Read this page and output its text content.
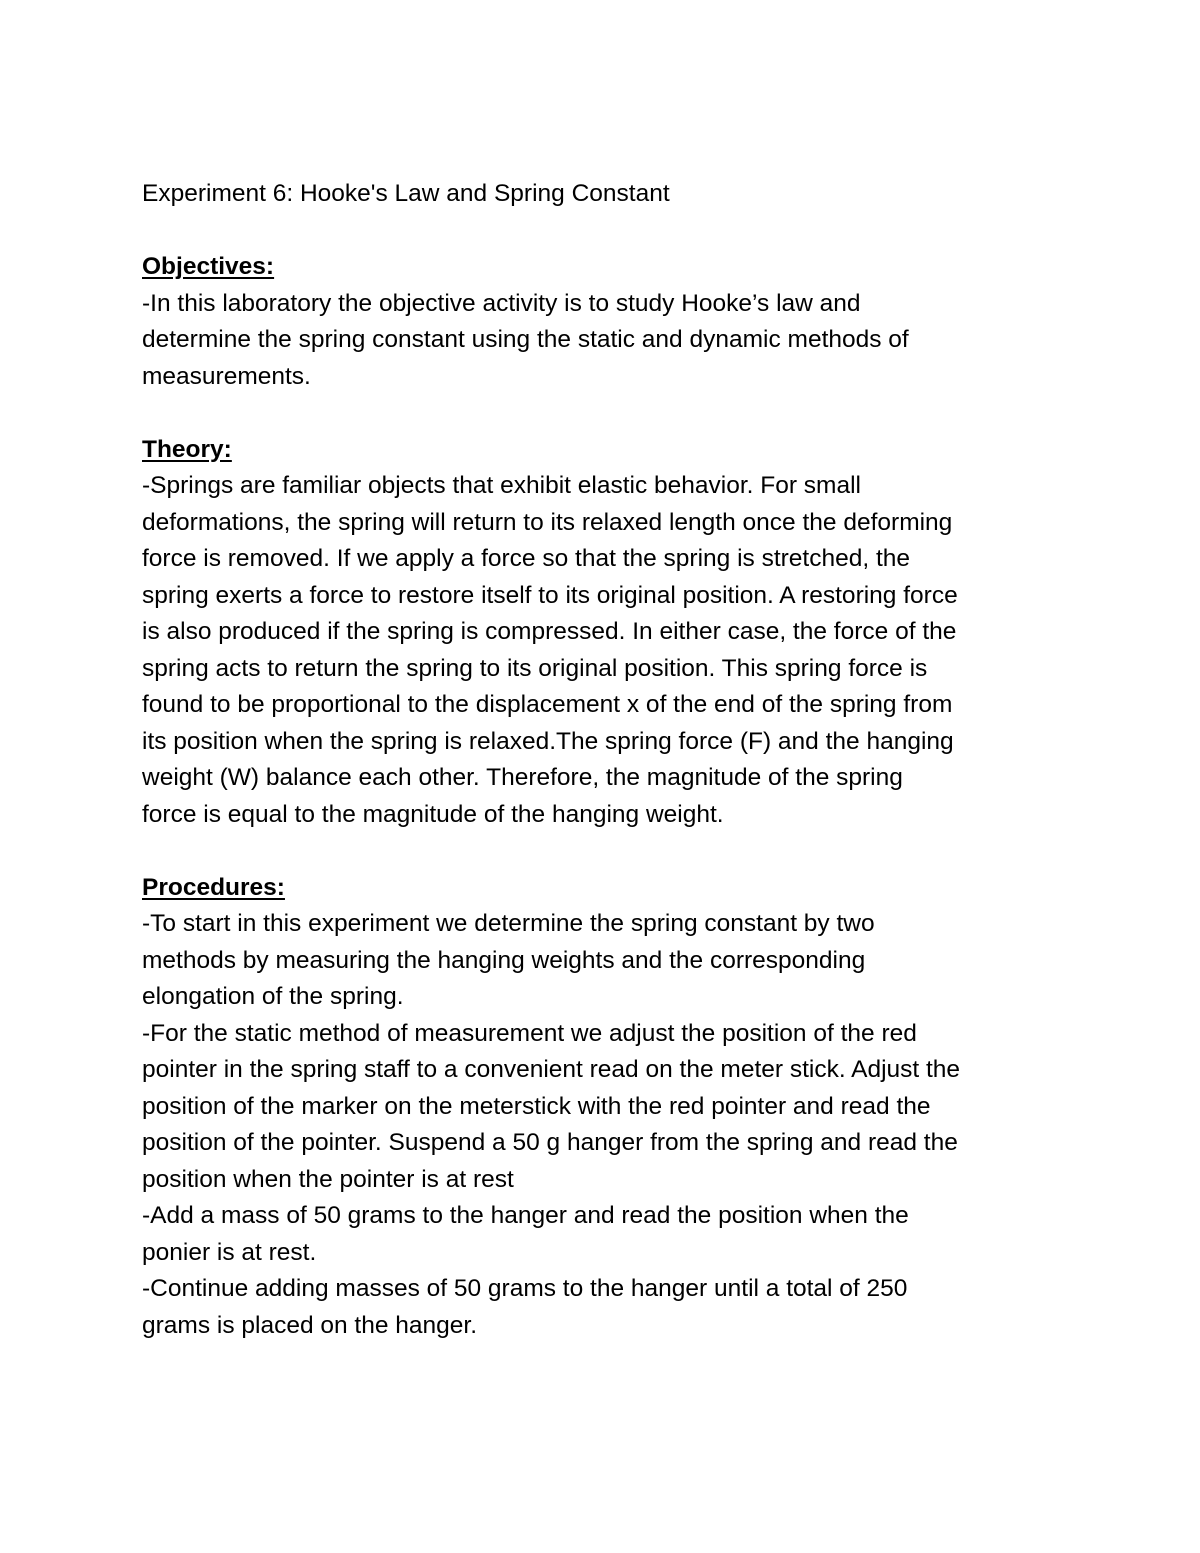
Experiment 6: Hooke's Law and Spring Constant
Objectives:
-In this laboratory the objective activity is to study Hooke’s law and
determine the spring constant using the static and dynamic methods of
measurements.
Theory:
-Springs are familiar objects that exhibit elastic behavior. For small
deformations, the spring will return to its relaxed length once the deforming
force is removed. If we apply a force so that the spring is stretched, the
spring exerts a force to restore itself to its original position. A restoring force
is also produced if the spring is compressed. In either case, the force of the
spring acts to return the spring to its original position. This spring force is
found to be proportional to the displacement x of the end of the spring from
its position when the spring is relaxed.The spring force (F) and the hanging
weight (W) balance each other. Therefore, the magnitude of the spring
force is equal to the magnitude of the hanging weight.
Procedures:
-To start in this experiment we determine the spring constant by two
methods by measuring the hanging weights and the corresponding
elongation of the spring.
-For the static method of measurement we adjust the position of the red
pointer in the spring staff to a convenient read on the meter stick. Adjust the
position of the marker on the meterstick with the red pointer and read the
position of the pointer. Suspend a 50 g hanger from the spring and read the
position when the pointer is at rest
-Add a mass of 50 grams to the hanger and read the position when the
ponier is at rest.
-Continue adding masses of 50 grams to the hanger until a total of 250
grams is placed on the hanger.
